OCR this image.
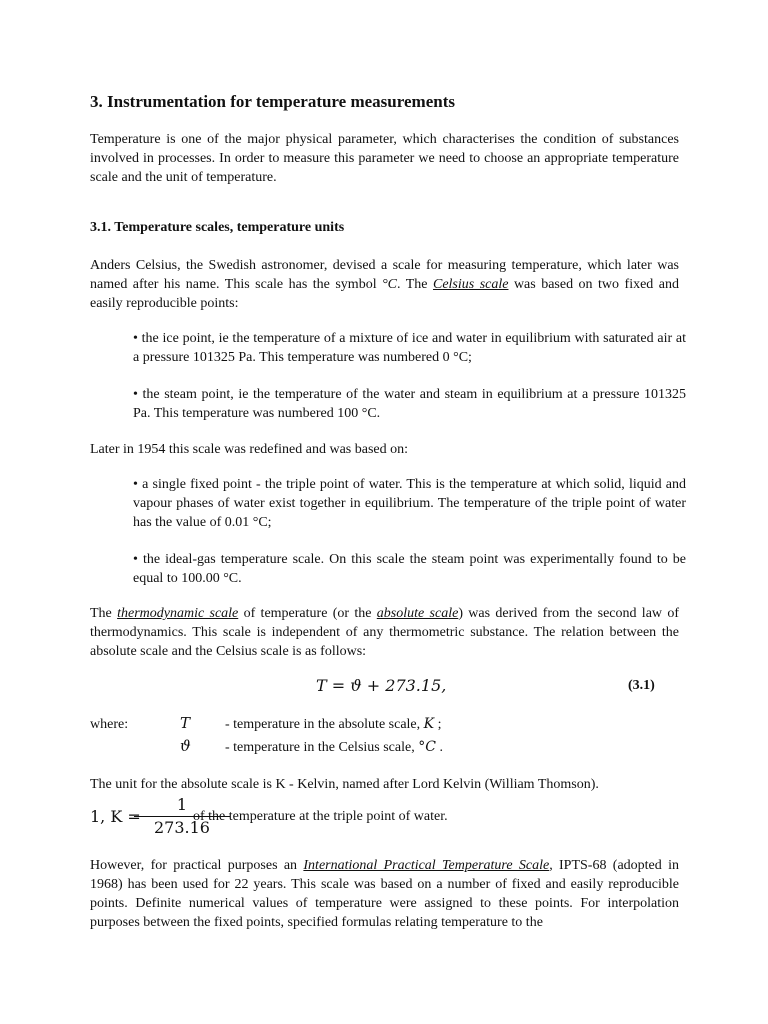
3. Instrumentation for temperature measurements
Temperature is one of the major physical parameter, which characterises the condition of substances involved in processes. In order to measure this parameter we need to choose an appropriate temperature scale and the unit of temperature.
3.1. Temperature scales, temperature units
Anders Celsius, the Swedish astronomer, devised a scale for measuring temperature, which later was named after his name. This scale has the symbol °C. The Celsius scale was based on two fixed and easily reproducible points:
• the ice point, ie the temperature of a mixture of ice and water in equilibrium with saturated air at a pressure 101325 Pa. This temperature was numbered 0 °C;
• the steam point, ie the temperature of the water and steam in equilibrium at a pressure 101325 Pa. This temperature was numbered 100 °C.
Later in 1954 this scale was redefined and was based on:
• a single fixed point - the triple point of water. This is the temperature at which solid, liquid and vapour phases of water exist together in equilibrium. The temperature of the triple point of water has the value of 0.01 °C;
• the ideal-gas temperature scale. On this scale the steam point was experimentally found to be equal to 100.00 °C.
The thermodynamic scale of temperature (or the absolute scale) was derived from the second law of thermodynamics. This scale is independent of any thermometric substance. The relation between the absolute scale and the Celsius scale is as follows:
T = ϑ + 273.15,	(3.1)
where:	T - temperature in the absolute scale, K ;
ϑ - temperature in the Celsius scale, °C .
The unit for the absolute scale is K - Kelvin, named after Lord Kelvin (William Thomson).
1, K =
1
273.16
of the temperature at the triple point of water.
However, for practical purposes an International Practical Temperature Scale, IPTS-68 (adopted in 1968) has been used for 22 years. This scale was based on a number of fixed and easily reproducible points. Definite numerical values of temperature were assigned to these points. For interpolation purposes between the fixed points, specified formulas relating temperature to the
